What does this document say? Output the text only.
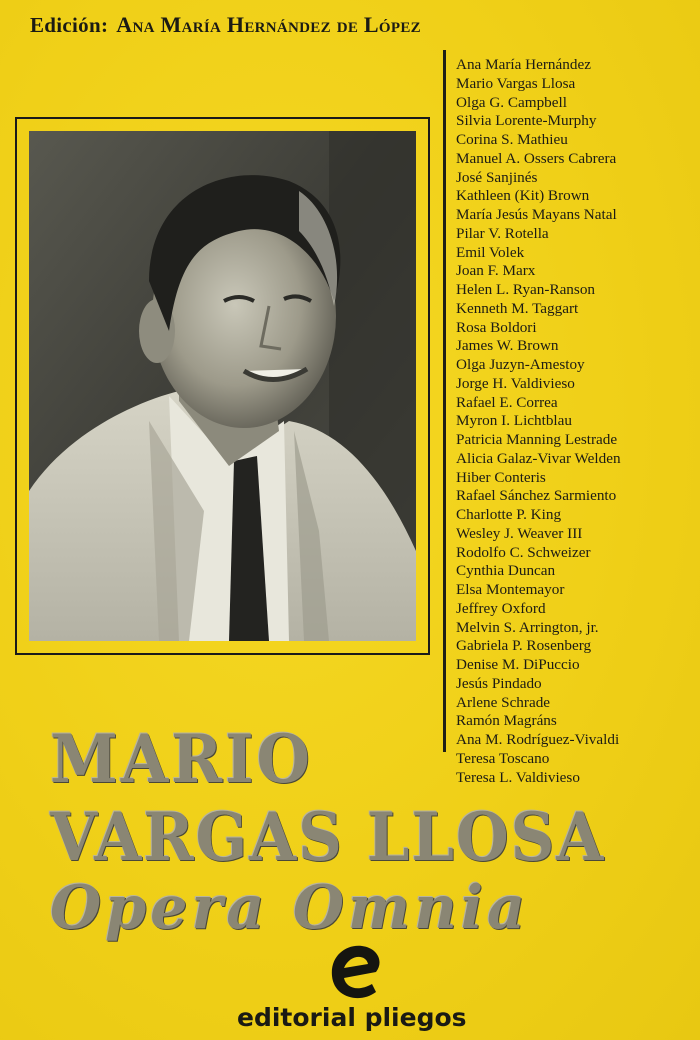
Edición: Ana María Hernández de López
Ana María Hernández
Mario Vargas Llosa
Olga G. Campbell
Silvia Lorente-Murphy
Corina S. Mathieu
Manuel A. Ossers Cabrera
José Sanjinés
Kathleen (Kit) Brown
María Jesús Mayans Natal
Pilar V. Rotella
Emil Volek
Joan F. Marx
Helen L. Ryan-Ranson
Kenneth M. Taggart
Rosa Boldori
James W. Brown
Olga Juzyn-Amestoy
Jorge H. Valdivieso
Rafael E. Correa
Myron I. Lichtblau
Patricia Manning Lestrade
Alicia Galaz-Vivar Welden
Hiber Conteris
Rafael Sánchez Sarmiento
Charlotte P. King
Wesley J. Weaver III
Rodolfo C. Schweizer
Cynthia Duncan
Elsa Montemayor
Jeffrey Oxford
Melvin S. Arrington, jr.
Gabriela P. Rosenberg
Denise M. DiPuccio
Jesús Pindado
Arlene Schrade
Ramón Magráns
Ana M. Rodríguez-Vivaldi
Teresa Toscano
Teresa L. Valdivieso
MARIO
VARGAS LLOSA
Opera Omnia
editorial pliegos
